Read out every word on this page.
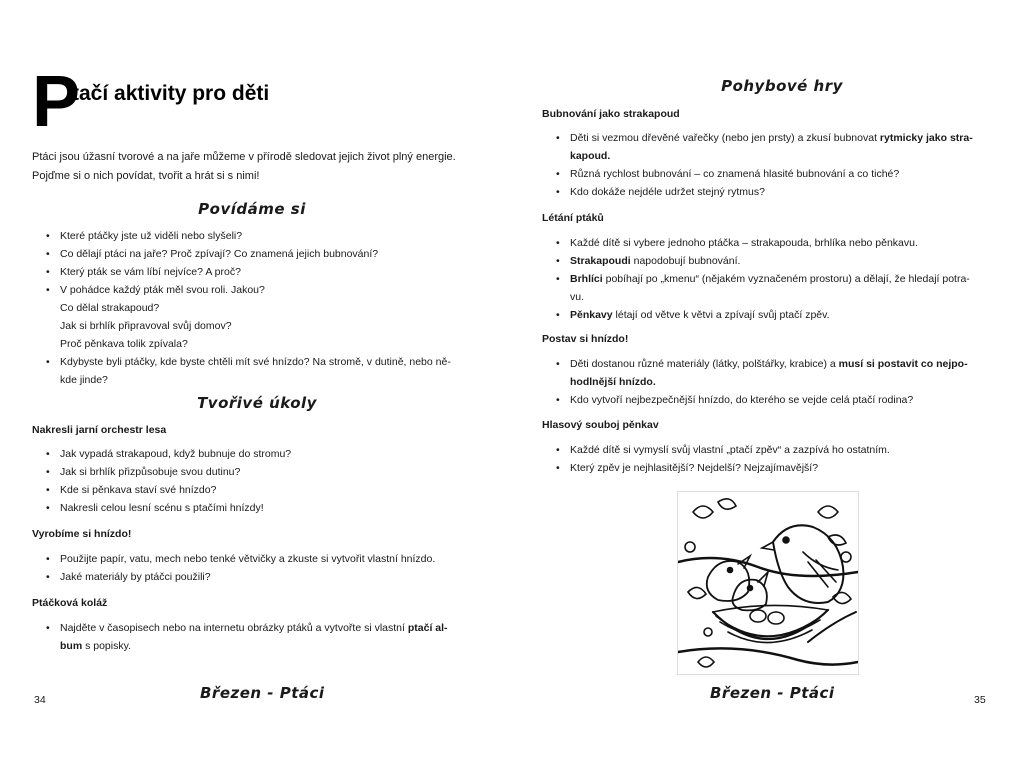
P
tačí aktivity pro děti
Ptáci jsou úžasní tvorové a na jaře můžeme v přírodě sledovat jejich život plný energie.
Pojďme si o nich povídat, tvořit a hrát si s nimi!
Povídáme si
• Které ptáčky jste už viděli nebo slyšeli?
• Co dělají ptáci na jaře? Proč zpívají? Co znamená jejich bubnování?
• Který pták se vám líbí nejvíce? A proč?
• V pohádce každý pták měl svou roli. Jakou?
Co dělal strakapoud?
Jak si brhlík připravoval svůj domov?
Proč pěnkava tolik zpívala?
• Kdybyste byli ptáčky, kde byste chtěli mít své hnízdo? Na stromě, v dutině, nebo ně-
kde jinde?
Tvořivé úkoly
Nakresli jarní orchestr lesa
• Jak vypadá strakapoud, když bubnuje do stromu?
• Jak si brhlík přizpůsobuje svou dutinu?
• Kde si pěnkava staví své hnízdo?
• Nakresli celou lesní scénu s ptačími hnízdy!
Vyrobíme si hnízdo!
• Použijte papír, vatu, mech nebo tenké větvičky a zkuste si vytvořit vlastní hnízdo.
• Jaké materiály by ptáčci použili?
Ptáčková koláž
• Najděte v časopisech nebo na internetu obrázky ptáků a vytvořte si vlastní ptačí al-
bum s popisky.
34	Březen - Ptáci
Pohybové hry
Bubnování jako strakapoud
• Děti si vezmou dřevěné vařečky (nebo jen prsty) a zkusí bubnovat rytmicky jako stra-
kapoud.
• Různá rychlost bubnování – co znamená hlasité bubnování a co tiché?
• Kdo dokáže nejdéle udržet stejný rytmus?
Létání ptáků
• Každé dítě si vybere jednoho ptáčka – strakapouda, brhlíka nebo pěnkavu.
• Strakapoudi napodobují bubnování.
• Brhlíci pobíhají po „kmenu“ (nějakém vyznačeném prostoru) a dělají, že hledají potra-
vu.
• Pěnkavy létají od větve k větvi a zpívají svůj ptačí zpěv.
Postav si hnízdo!
• Děti dostanou různé materiály (látky, polštářky, krabice) a musí si postavit co nejpo-
hodlnější hnízdo.
• Kdo vytvoří nejbezpečnější hnízdo, do kterého se vejde celá ptačí rodina?
Hlasový souboj pěnkav
• Každé dítě si vymyslí svůj vlastní „ptačí zpěv“ a zazpívá ho ostatním.
• Který zpěv je nejhlasitější? Nejdelší? Nejzajímavější?
Březen - Ptáci	35
